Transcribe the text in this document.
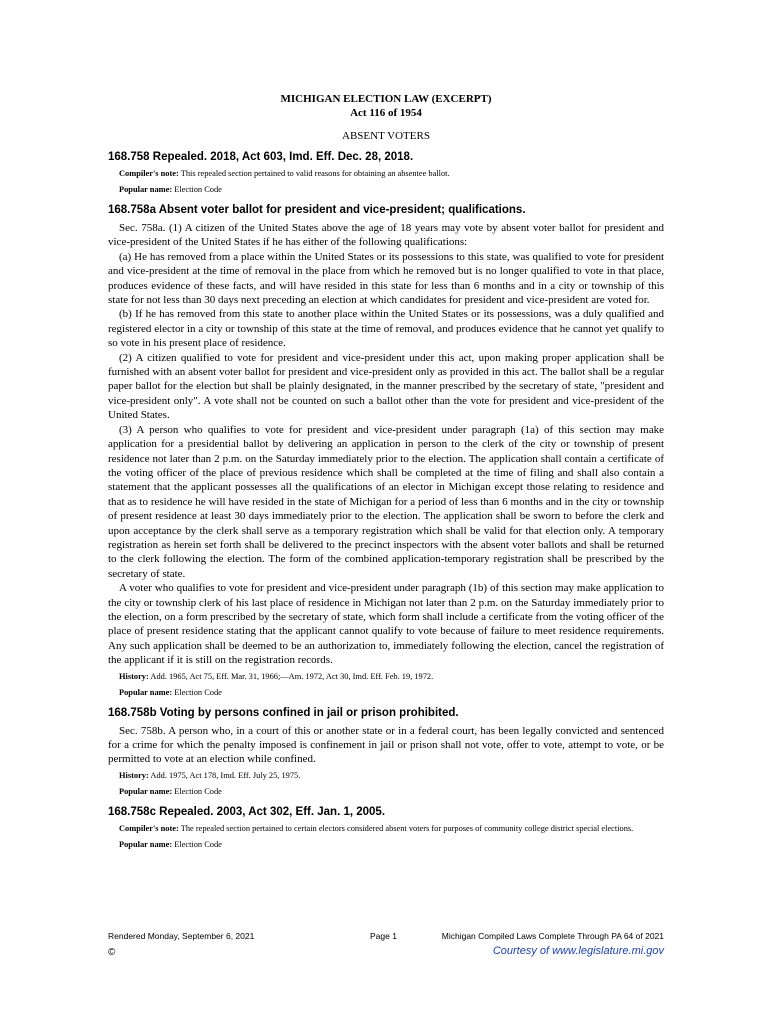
MICHIGAN ELECTION LAW (EXCERPT)
Act 116 of 1954
ABSENT VOTERS
168.758 Repealed. 2018, Act 603, Imd. Eff. Dec. 28, 2018.
Compiler's note: This repealed section pertained to valid reasons for obtaining an absentee ballot.
Popular name: Election Code
168.758a Absent voter ballot for president and vice-president; qualifications.

Sec. 758a. (1) A citizen of the United States above the age of 18 years may vote by absent voter ballot for president and vice-president of the United States if he has either of the following qualifications:

(a) He has removed from a place within the United States or its possessions to this state, was qualified to vote for president and vice-president at the time of removal in the place from which he removed but is no longer qualified to vote in that place, produces evidence of these facts, and will have resided in this state for less than 6 months and in a city or township of this state for not less than 30 days next preceding an election at which candidates for president and vice-president are voted for.

(b) If he has removed from this state to another place within the United States or its possessions, was a duly qualified and registered elector in a city or township of this state at the time of removal, and produces evidence that he cannot yet qualify to so vote in his present place of residence.

(2) A citizen qualified to vote for president and vice-president under this act, upon making proper application shall be furnished with an absent voter ballot for president and vice-president only as provided in this act. The ballot shall be a regular paper ballot for the election but shall be plainly designated, in the manner prescribed by the secretary of state, "president and vice-president only". A vote shall not be counted on such a ballot other than the vote for president and vice-president of the United States.

(3) A person who qualifies to vote for president and vice-president under paragraph (1a) of this section may make application for a presidential ballot by delivering an application in person to the clerk of the city or township of present residence not later than 2 p.m. on the Saturday immediately prior to the election. The application shall contain a certificate of the voting officer of the place of previous residence which shall be completed at the time of filing and shall also contain a statement that the applicant possesses all the qualifications of an elector in Michigan except those relating to residence and that as to residence he will have resided in the state of Michigan for a period of less than 6 months and in the city or township of present residence at least 30 days immediately prior to the election. The application shall be sworn to before the clerk and upon acceptance by the clerk shall serve as a temporary registration which shall be valid for that election only. A temporary registration as herein set forth shall be delivered to the precinct inspectors with the absent voter ballots and shall be returned to the clerk following the election. The form of the combined application-temporary registration shall be prescribed by the secretary of state.

A voter who qualifies to vote for president and vice-president under paragraph (1b) of this section may make application to the city or township clerk of his last place of residence in Michigan not later than 2 p.m. on the Saturday immediately prior to the election, on a form prescribed by the secretary of state, which form shall include a certificate from the voting officer of the place of present residence stating that the applicant cannot qualify to vote because of failure to meet residence requirements. Any such application shall be deemed to be an authorization to, immediately following the election, cancel the registration of the applicant if it is still on the registration records.

History: Add. 1965, Act 75, Eff. Mar. 31, 1966;—Am. 1972, Act 30, Imd. Eff. Feb. 19, 1972.
Popular name: Election Code
168.758b Voting by persons confined in jail or prison prohibited.

Sec. 758b. A person who, in a court of this or another state or in a federal court, has been legally convicted and sentenced for a crime for which the penalty imposed is confinement in jail or prison shall not vote, offer to vote, attempt to vote, or be permitted to vote at an election while confined.

History: Add. 1975, Act 178, Imd. Eff. July 25, 1975.
Popular name: Election Code
168.758c Repealed. 2003, Act 302, Eff. Jan. 1, 2005.
Compiler's note: The repealed section pertained to certain electors considered absent voters for purposes of community college district special elections.
Popular name: Election Code
Rendered Monday, September 6, 2021	Page 1	Michigan Compiled Laws Complete Through PA 64 of 2021
©	Courtesy of www.legislature.mi.gov
